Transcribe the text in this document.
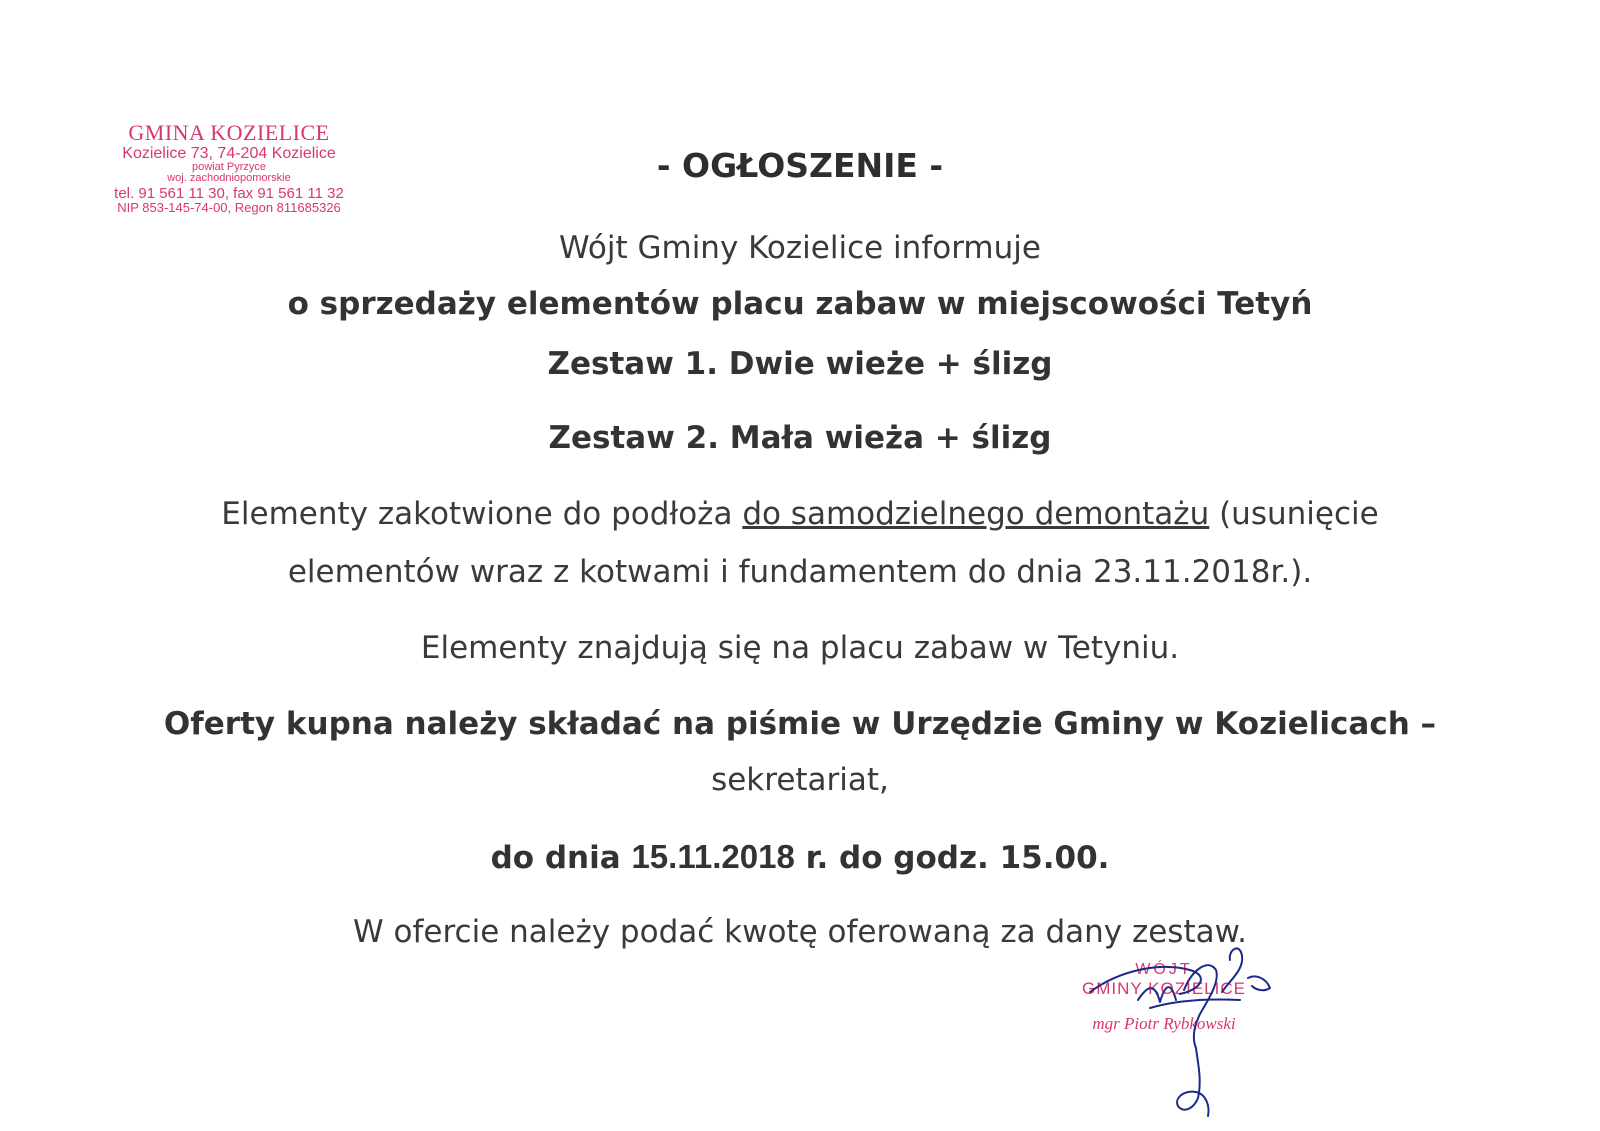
GMINA KOZIELICE
Kozielice 73, 74-204 Kozielice
powiat Pyrzyce
woj. zachodniopomorskie
tel. 91 561 11 30, fax 91 561 11 32
NIP 853-145-74-00, Regon 811685326
- OGŁOSZENIE -
Wójt Gminy Kozielice informuje
o sprzedaży elementów placu zabaw w miejscowości Tetyń
Zestaw 1. Dwie wieże + ślizg
Zestaw 2. Mała wieża + ślizg
Elementy zakotwione do podłoża do samodzielnego demontażu (usunięcie
elementów wraz z kotwami i fundamentem do dnia 23.11.2018r.).
Elementy znajdują się na placu zabaw w Tetyniu.
Oferty kupna należy składać na piśmie w Urzędzie Gminy w Kozielicach –
sekretariat,
do dnia 15.11.2018 r. do godz. 15.00.
W ofercie należy podać kwotę oferowaną za dany zestaw.
WÓJT
GMINY KOZIELICE
mgr Piotr Rybkowski
